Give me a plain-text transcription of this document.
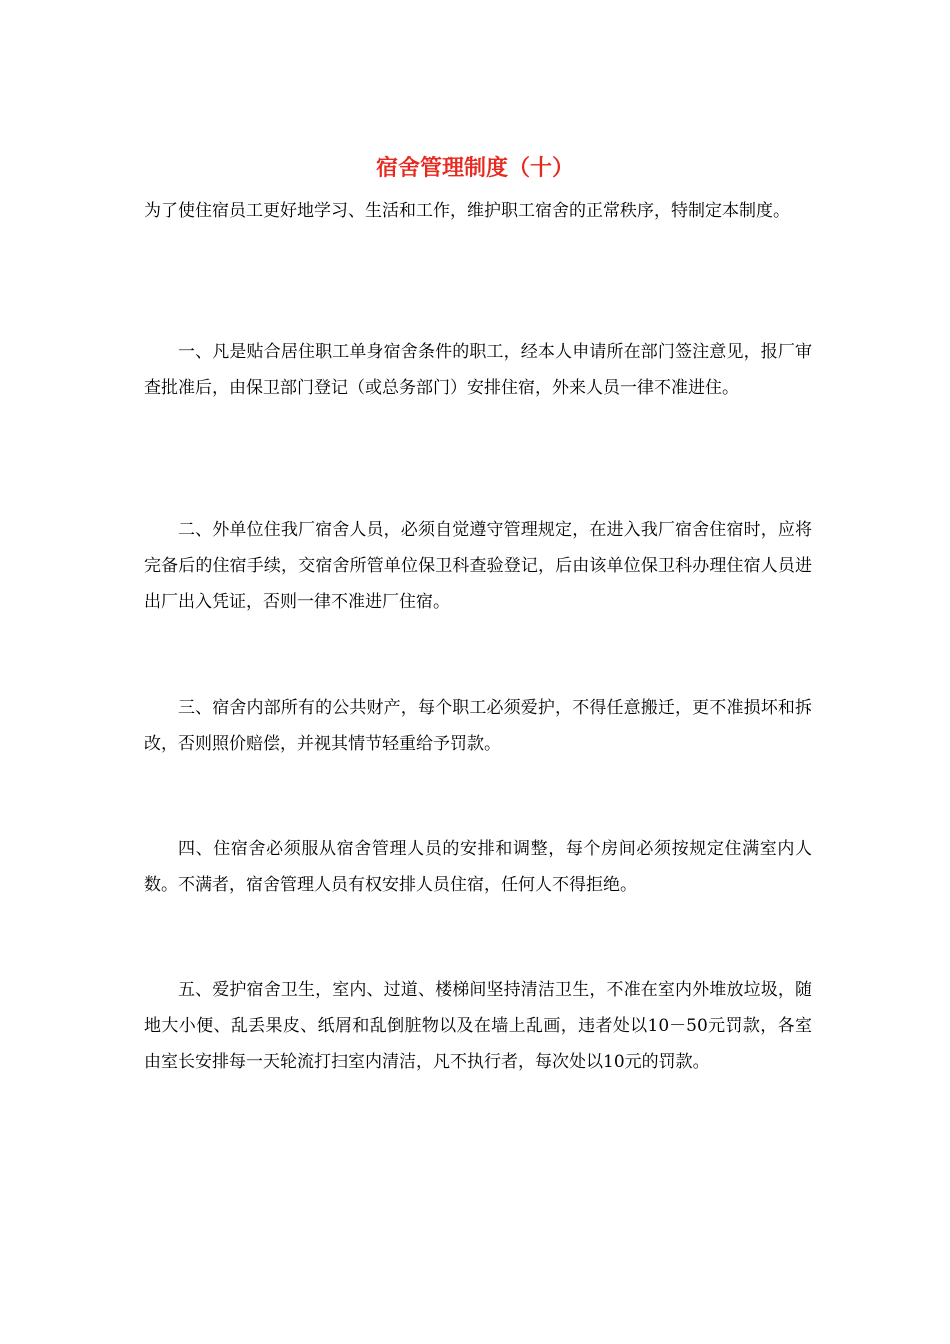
宿舍管理制度（十）

为了使住宿员工更好地学习、生活和工作，维护职工宿舍的正常秩序，特制定本制度。

一、凡是贴合居住职工单身宿舍条件的职工，经本人申请所在部门签注意见，报厂审查批准后，由保卫部门登记（或总务部门）安排住宿，外来人员一律不准进住。

二、外单位住我厂宿舍人员，必须自觉遵守管理规定，在进入我厂宿舍住宿时，应将完备后的住宿手续，交宿舍所管单位保卫科查验登记，后由该单位保卫科办理住宿人员进出厂出入凭证，否则一律不准进厂住宿。

三、宿舍内部所有的公共财产，每个职工必须爱护，不得任意搬迁，更不准损坏和拆改，否则照价赔偿，并视其情节轻重给予罚款。

四、住宿舍必须服从宿舍管理人员的安排和调整，每个房间必须按规定住满室内人数。不满者，宿舍管理人员有权安排人员住宿，任何人不得拒绝。

五、爱护宿舍卫生，室内、过道、楼梯间坚持清洁卫生，不准在室内外堆放垃圾，随地大小便、乱丢果皮、纸屑和乱倒脏物以及在墙上乱画，违者处以10－50元罚款，各室由室长安排每一天轮流打扫室内清洁，凡不执行者，每次处以10元的罚款。
